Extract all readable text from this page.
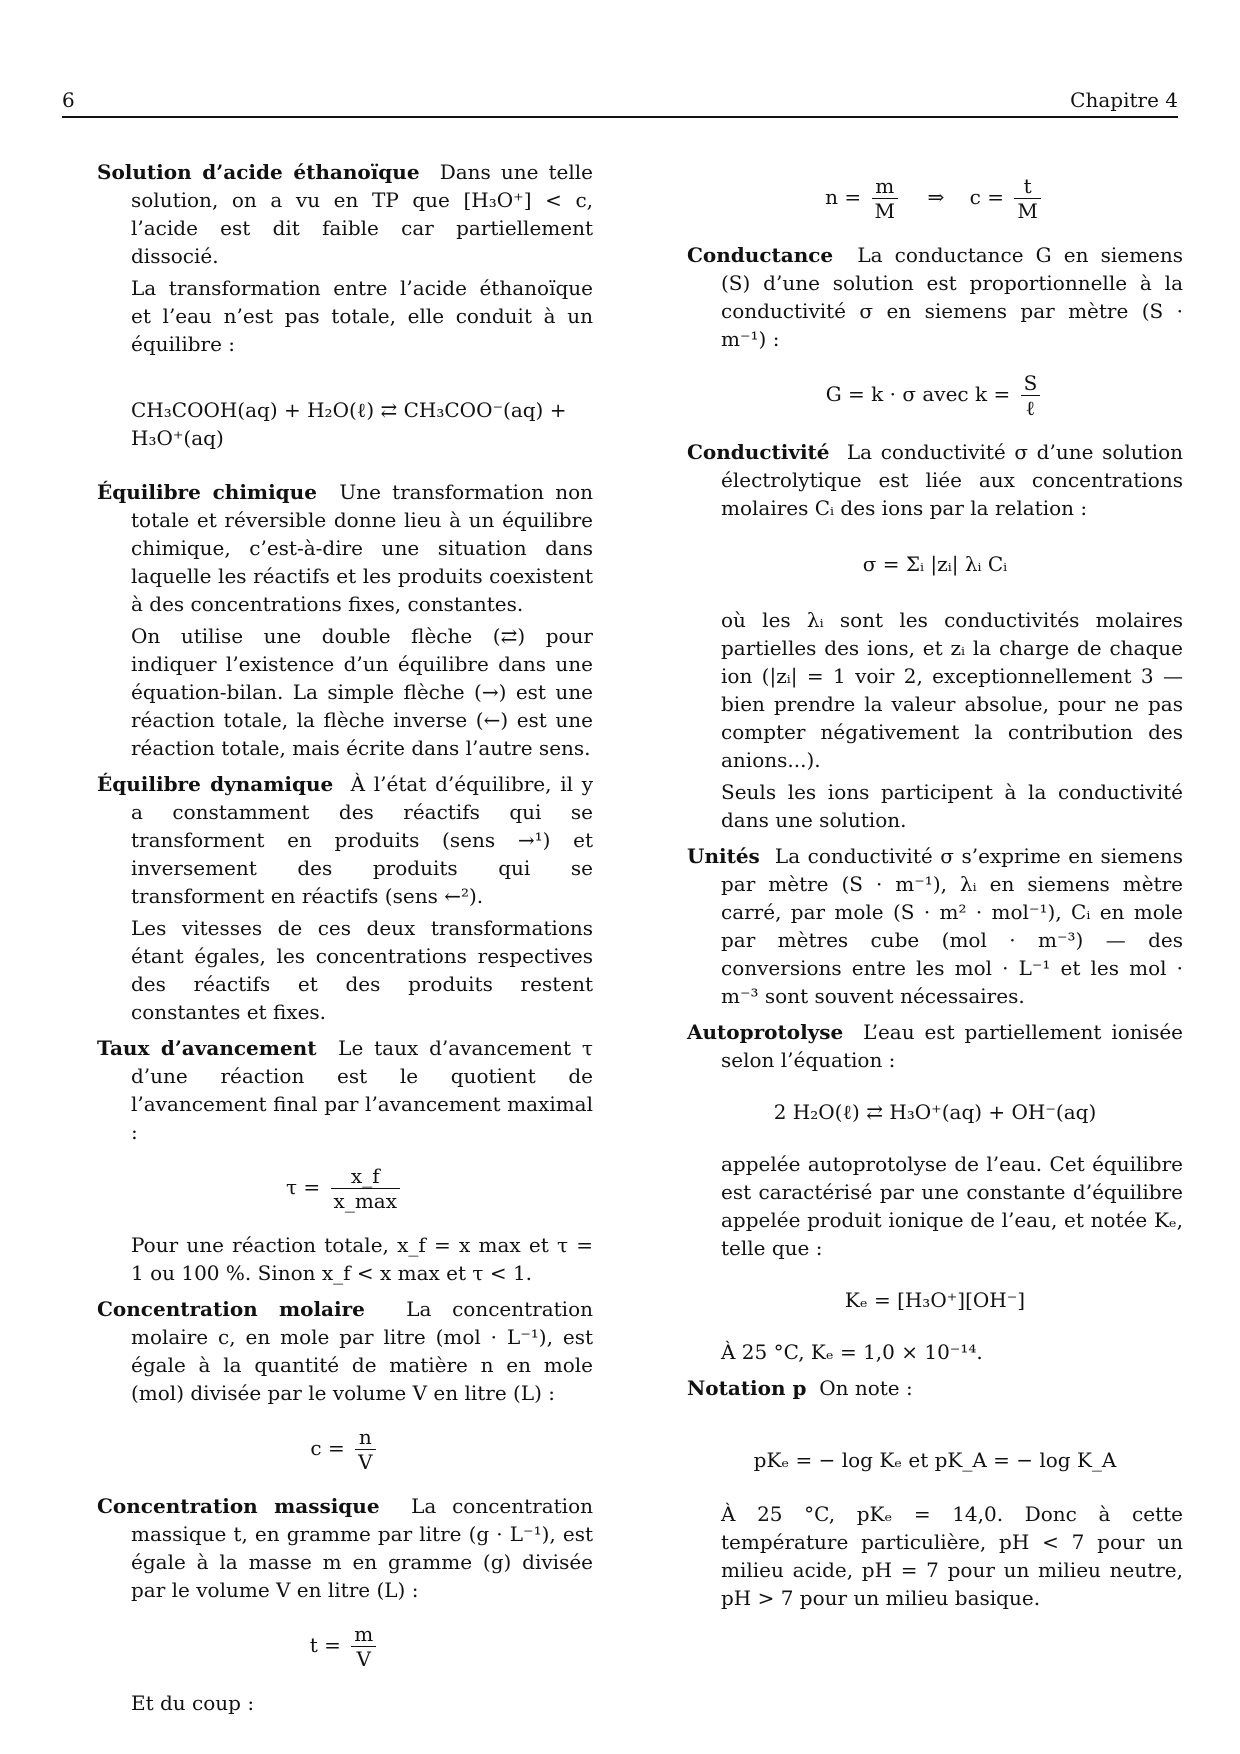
6	Chapitre 4
Solution d’acide éthanoïque Dans une telle solution, on a vu en TP que [H₃O⁺] < c, l’acide est dit faible car partiellement dissocié.
La transformation entre l’acide éthanoïque et l’eau n’est pas totale, elle conduit à un équilibre :
CH₃COOH(aq) + H₂O(ℓ) ⇄ CH₃COO⁻(aq) + H₃O⁺(aq)
Équilibre chimique Une transformation non totale et réversible donne lieu à un équilibre chimique, c’est-à-dire une situation dans laquelle les réactifs et les produits coexistent à des concentrations fixes, constantes.
On utilise une double flèche (⇄) pour indiquer l’existence d’un équilibre dans une équation-bilan. La simple flèche (→) est une réaction totale, la flèche inverse (←) est une réaction totale, mais écrite dans l’autre sens.
Équilibre dynamique À l’état d’équilibre, il y a constamment des réactifs qui se transforment en produits (sens →¹) et inversement des produits qui se transforment en réactifs (sens ←²).
Les vitesses de ces deux transformations étant égales, les concentrations respectives des réactifs et des produits restent constantes et fixes.
Taux d’avancement Le taux d’avancement τ d’une réaction est le quotient de l’avancement final par l’avancement maximal :
$\tau = \frac{x\_f}{x\_\max}$
Pour une réaction totale, x_f = x max et τ = 1 ou 100 %. Sinon x_f < x max et τ < 1.
Concentration molaire La concentration molaire c, en mole par litre (mol · L⁻¹), est égale à la quantité de matière n en mole (mol) divisée par le volume V en litre (L) :
$c = \frac{n}{V}$
Concentration massique La concentration massique t, en gramme par litre (g · L⁻¹), est égale à la masse m en gramme (g) divisée par le volume V en litre (L) :
$t = \frac{m}{V}$
Et du coup :
$n = \frac{m}{M}$ ⇒ $c = \frac{t}{M}$
Conductance La conductance G en siemens (S) d’une solution est proportionnelle à la conductivité σ en siemens par mètre (S · m⁻¹) :
G = k · σ avec $k = \frac{S}{\text{ℓ}}$
Conductivité La conductivité σ d’une solution électrolytique est liée aux concentrations molaires Cᵢ des ions par la relation :
σ = Σᵢ |zᵢ| λᵢ Cᵢ
où les λᵢ sont les conductivités molaires partielles des ions, et zᵢ la charge de chaque ion (|zᵢ| = 1 voir 2, exceptionnellement 3 — bien prendre la valeur absolue, pour ne pas compter négativement la contribution des anions...).
Seuls les ions participent à la conductivité dans une solution.
Unités La conductivité σ s’exprime en siemens par mètre (S · m⁻¹), λᵢ en siemens mètre carré, par mole (S · m² · mol⁻¹), Cᵢ en mole par mètres cube (mol · m⁻³) — des conversions entre les mol · L⁻¹ et les mol · m⁻³ sont souvent nécessaires.
Autoprotolyse L’eau est partiellement ionisée selon l’équation :
2 H₂O(ℓ) ⇄ H₃O⁺(aq) + OH⁻(aq)
appelée autoprotolyse de l’eau. Cet équilibre est caractérisé par une constante d’équilibre appelée produit ionique de l’eau, et notée Kₑ, telle que :
Kₑ = [H₃O⁺][OH⁻]
À 25 °C, Kₑ = 1,0 × 10⁻¹⁴.
Notation p On note :
pKₑ = − log Kₑ et pK_A = − log K_A
À 25 °C, pKₑ = 14,0. Donc à cette température particulière, pH < 7 pour un milieu acide, pH = 7 pour un milieu neutre, pH > 7 pour un milieu basique.
